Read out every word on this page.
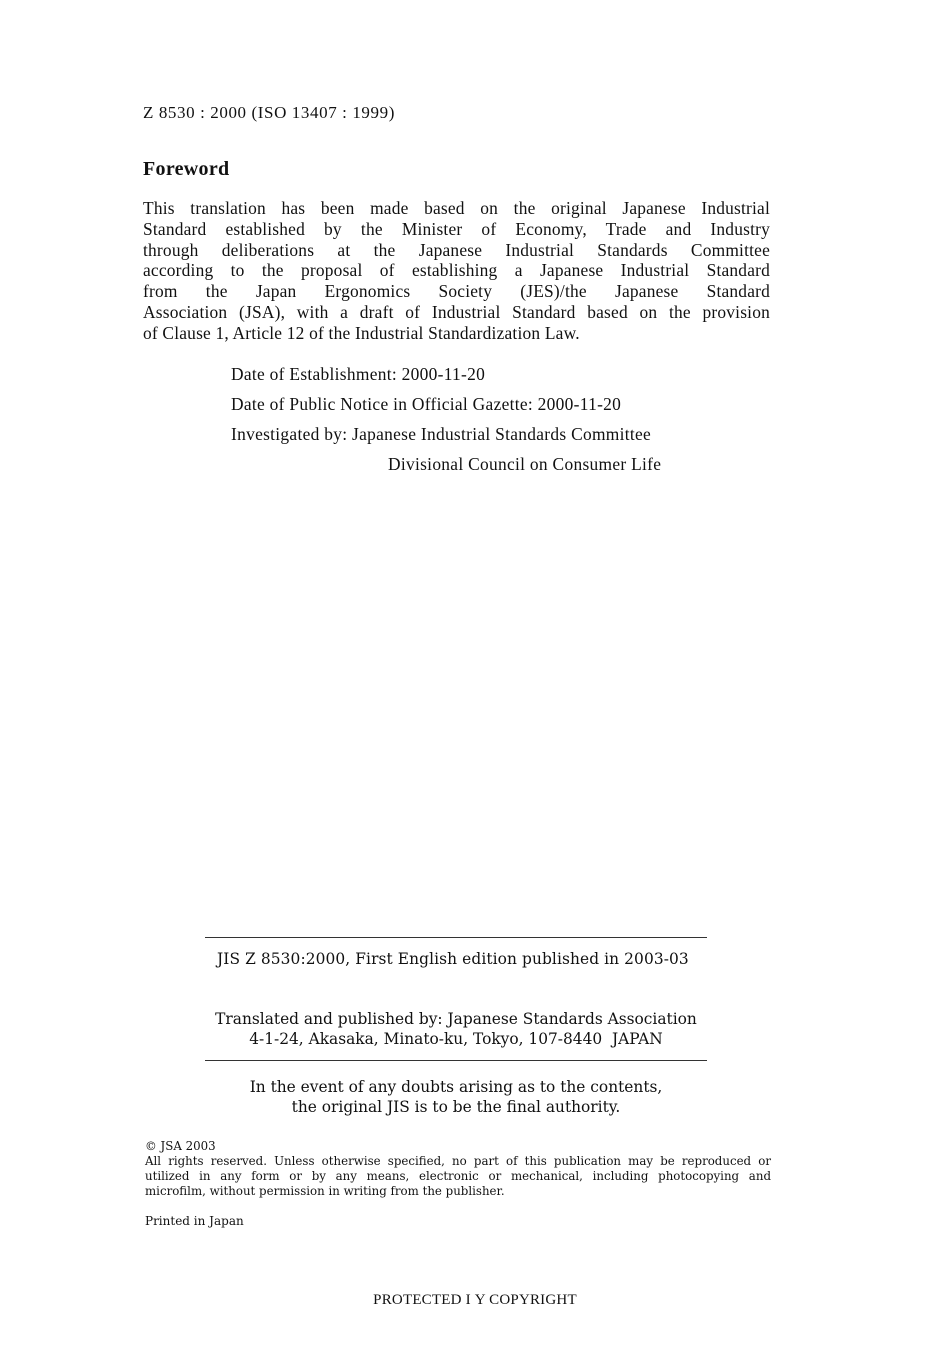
Z 8530 : 2000 (ISO 13407 : 1999)
Foreword
This translation has been made based on the original Japanese Industrial
Standard established by the Minister of Economy, Trade and Industry
through deliberations at the Japanese Industrial Standards Committee
according to the proposal of establishing a Japanese Industrial Standard
from the Japan Ergonomics Society (JES)/the Japanese Standard
Association (JSA), with a draft of Industrial Standard based on the provision
of Clause 1, Article 12 of the Industrial Standardization Law.
Date of Establishment: 2000-11-20
Date of Public Notice in Official Gazette: 2000-11-20
Investigated by: Japanese Industrial Standards Committee
Divisional Council on Consumer Life
JIS Z 8530:2000, First English edition published in 2003-03
Translated and published by: Japanese Standards Association
4-1-24, Akasaka, Minato-ku, Tokyo, 107-8440  JAPAN
In the event of any doubts arising as to the contents,
the original JIS is to be the final authority.
© JSA 2003
All rights reserved. Unless otherwise specified, no part of this publication may be reproduced or
utilized in any form or by any means, electronic or mechanical, including photocopying and
microfilm, without permission in writing from the publisher.
Printed in Japan
PROTECTED Ι Y COPYRIGHT
